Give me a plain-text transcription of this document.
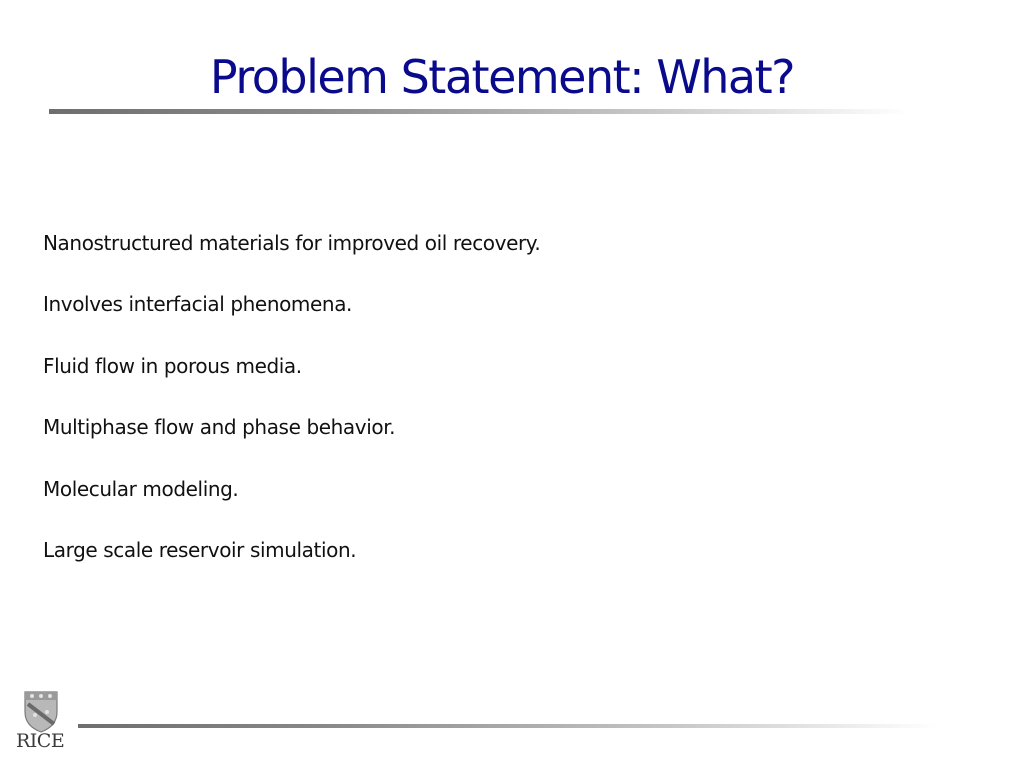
Problem Statement: What?
Nanostructured materials for improved oil recovery.
Involves interfacial phenomena.
Fluid flow in porous media.
Multiphase flow and phase behavior.
Molecular modeling.
Large scale reservoir simulation.
RICE
